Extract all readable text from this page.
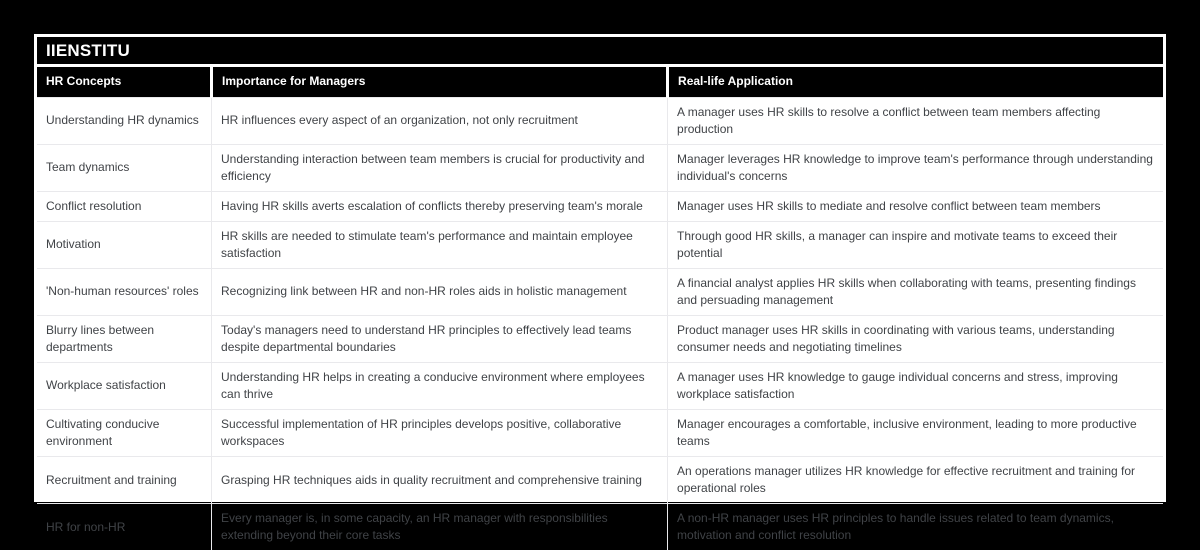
IIENSTITU
HR Concepts	Importance for Managers	Real-life Application
Understanding HR dynamics	HR influences every aspect of an organization, not only recruitment	A manager uses HR skills to resolve a conflict between team members affecting production
Team dynamics	Understanding interaction between team members is crucial for productivity and efficiency	Manager leverages HR knowledge to improve team's performance through understanding individual's concerns
Conflict resolution	Having HR skills averts escalation of conflicts thereby preserving team's morale	Manager uses HR skills to mediate and resolve conflict between team members
Motivation	HR skills are needed to stimulate team's performance and maintain employee satisfaction	Through good HR skills, a manager can inspire and motivate teams to exceed their potential
'Non-human resources' roles	Recognizing link between HR and non-HR roles aids in holistic management	A financial analyst applies HR skills when collaborating with teams, presenting findings and persuading management
Blurry lines between departments	Today's managers need to understand HR principles to effectively lead teams despite departmental boundaries	Product manager uses HR skills in coordinating with various teams, understanding consumer needs and negotiating timelines
Workplace satisfaction	Understanding HR helps in creating a conducive environment where employees can thrive	A manager uses HR knowledge to gauge individual concerns and stress, improving workplace satisfaction
Cultivating conducive environment	Successful implementation of HR principles develops positive, collaborative workspaces	Manager encourages a comfortable, inclusive environment, leading to more productive teams
Recruitment and training	Grasping HR techniques aids in quality recruitment and comprehensive training	An operations manager utilizes HR knowledge for effective recruitment and training for operational roles
HR for non-HR	Every manager is, in some capacity, an HR manager with responsibilities extending beyond their core tasks	A non-HR manager uses HR principles to handle issues related to team dynamics, motivation and conflict resolution
